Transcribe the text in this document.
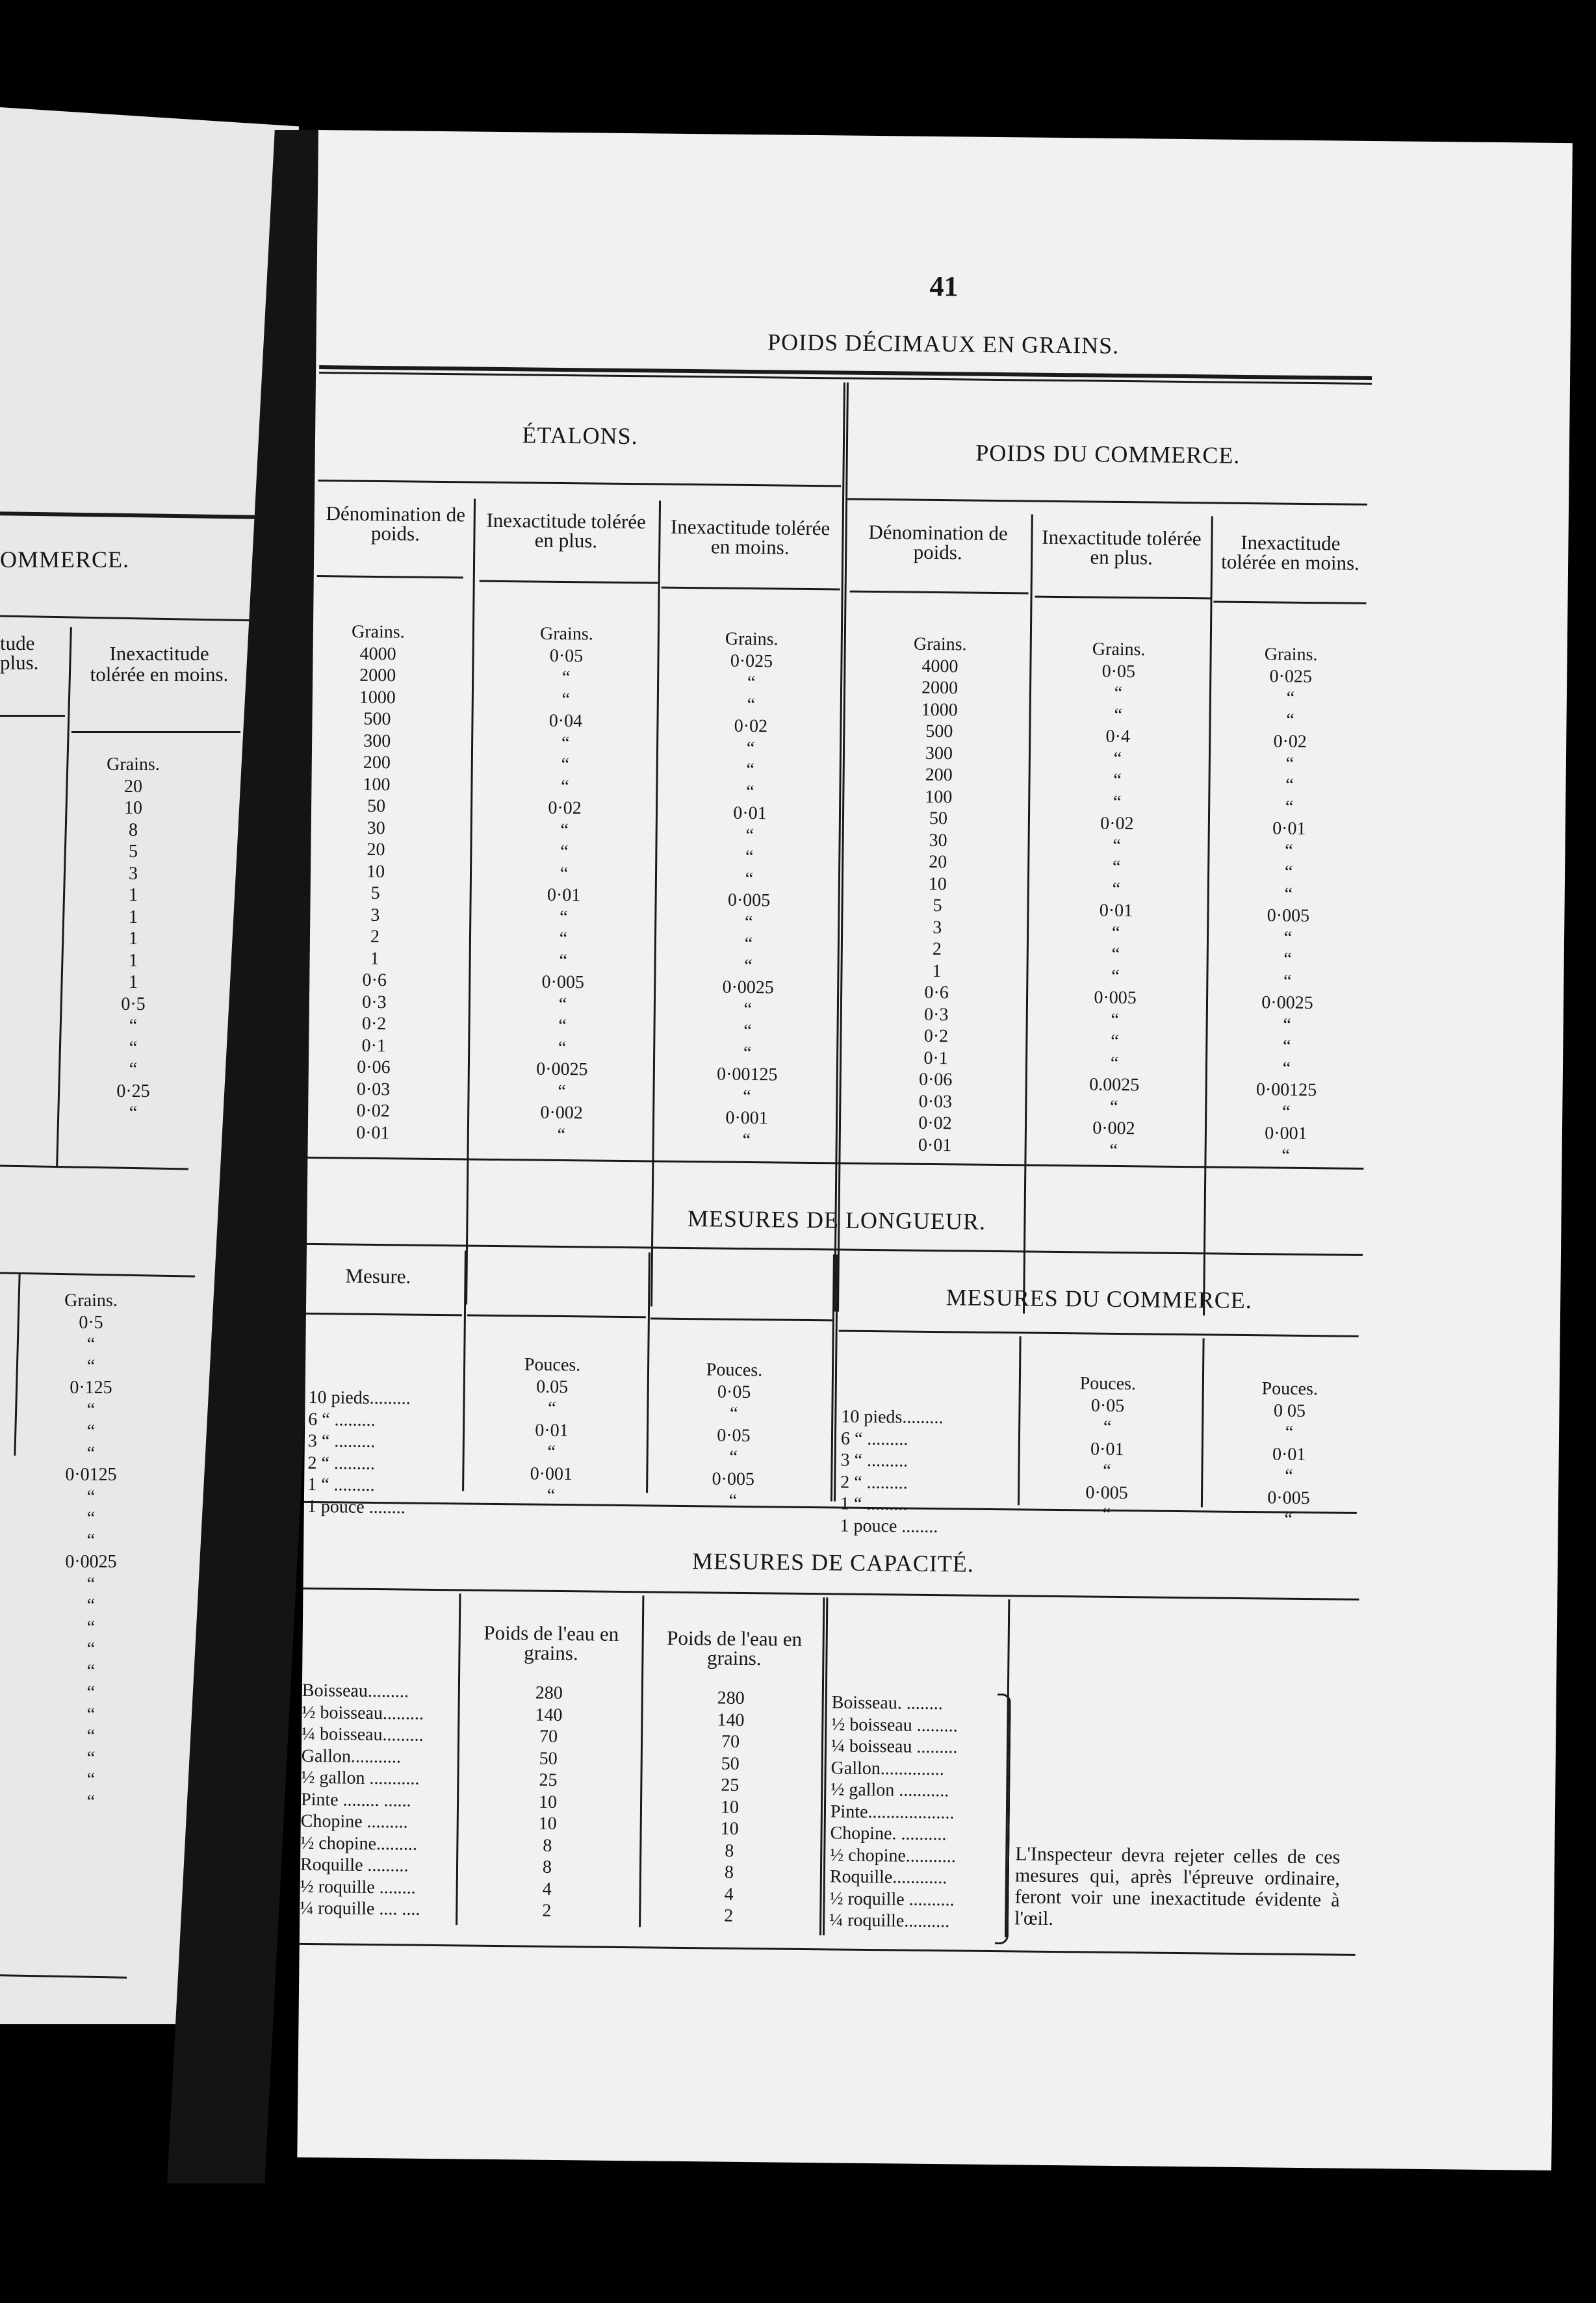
OMMERCE.
tude
plus.	Inexactitude
tolérée en moins.
Grains.
20
10
8
5
3
1
1
1
1
1
0·5
“
“
“
0·25
“
Grains.
0·5
“
“
0·125
“
“
“
0·0125
“
“
“
0·0025
“
“
“
“
“
“
“
“
“
“
“
41
POIDS DÉCIMAUX EN GRAINS.
ÉTALONS.
POIDS DU COMMERCE.
Dénomination de poids.
Inexactitude tolérée en plus.
Inexactitude tolérée en moins.
Dénomination de poids.
Inexactitude tolérée en plus.
Inexactitude tolérée en moins.
Grains.
4000
2000
1000
500
300
200
100
50
30
20
10
5
3
2
1
0·6
0·3
0·2
0·1
0·06
0·03
0·02
0·01
Grains.
0·05
“
“
0·04
“
“
“
0·02
“
“
“
0·01
“
“
“
0·005
“
“
“
0·0025
“
0·002
“
Grains.
0·025
“
“
0·02
“
“
“
0·01
“
“
“
0·005
“
“
“
0·0025
“
“
“
0·00125
“
0·001
“
Grains.
4000
2000
1000
500
300
200
100
50
30
20
10
5
3
2
1
0·6
0·3
0·2
0·1
0·06
0·03
0·02
0·01
Grains.
0·05
“
“
0·4
“
“
“
0·02
“
“
“
0·01
“
“
“
0·005
“
“
“
0.0025
“
0·002
“
Grains.
0·025
“
“
0·02
“
“
“
0·01
“
“
“
0·005
“
“
“
0·0025
“
“
“
0·00125
“
0·001
“
MESURES DE LONGUEUR.
Mesure.
MESURES DU COMMERCE.
10 pieds.........
6 “ .........
3 “ .........
2 “ .........
1 “ .........
1 pouce ........
Pouces.
0.05
“
0·01
“
0·001
“
Pouces.
0·05
“
0·05
“
0·005
“
10 pieds.........
6 “ .........
3 “ .........
2 “ .........
1 “ .........
1 pouce ........
Pouces.
0·05
“
0·01
“
0·005
“
Pouces.
0 05
“
0·01
“
0·005
“
MESURES DE CAPACITÉ.
Poids de l'eau en grains.
Poids de l'eau en grains.
Boisseau.........
½ boisseau.........
¼ boisseau.........
Gallon...........
½ gallon ...........
Pinte ........ ......
Chopine .........
½ chopine.........
Roquille .........
½ roquille ........
¼ roquille .... ....
280
140
70
50
25
10
10
8
8
4
2
280
140
70
50
25
10
10
8
8
4
2
Boisseau. ........
½ boisseau .........
¼ boisseau .........
Gallon..............
½ gallon ...........
Pinte...................
Chopine. ..........
½ chopine...........
Roquille............
½ roquille ..........
¼ roquille..........
L'Inspecteur devra rejeter celles de ces mesures qui, après l'épreuve ordinaire, feront voir une inexactitude évidente à l'œil.
